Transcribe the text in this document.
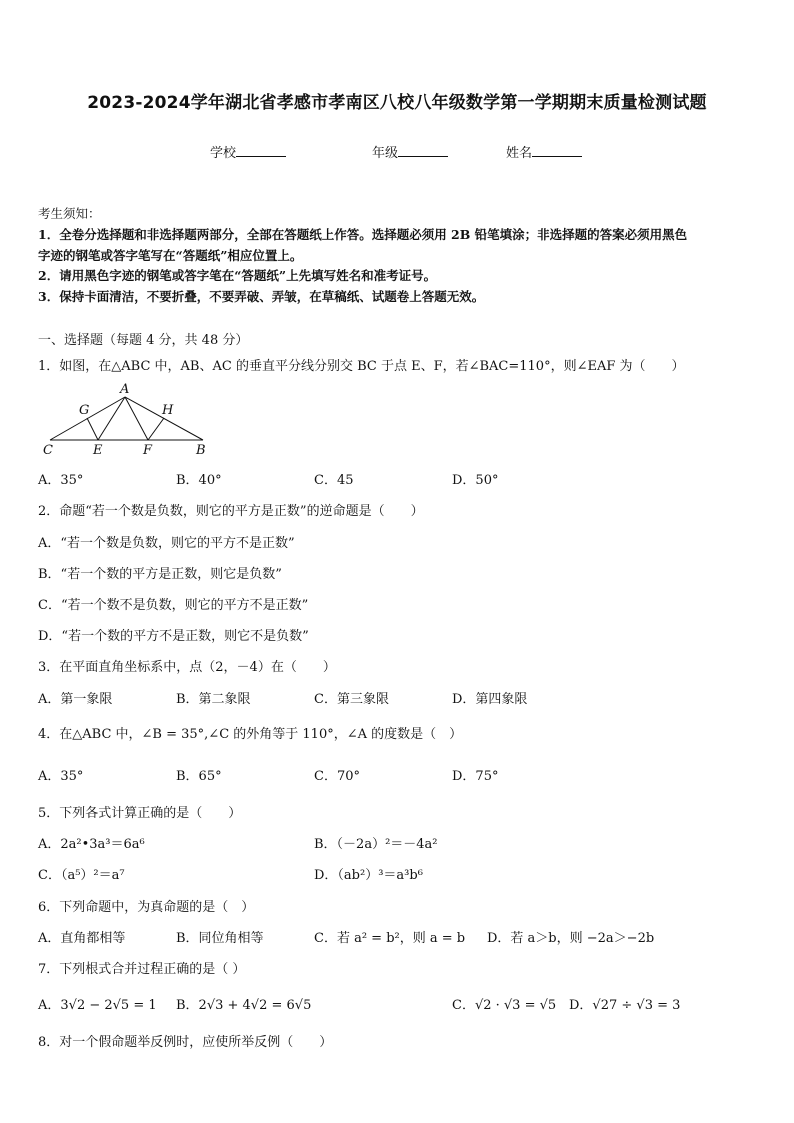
2023-2024学年湖北省孝感市孝南区八校八年级数学第一学期期末质量检测试题
学校	年级	姓名
考生须知：
1．全卷分选择题和非选择题两部分，全部在答题纸上作答。选择题必须用 2B 铅笔填涂；非选择题的答案必须用黑色
字迹的钢笔或答字笔写在“答题纸”相应位置上。
2．请用黑色字迹的钢笔或答字笔在“答题纸”上先填写姓名和准考证号。
3．保持卡面清洁，不要折叠，不要弄破、弄皱，在草稿纸、试题卷上答题无效。
一、选择题（每题 4 分，共 48 分）
1．如图，在△ABC 中，AB、AC 的垂直平分线分别交 BC 于点 E、F，若∠BAC=110°，则∠EAF 为（　　）
A
G	H
C	E	F	B
A．35°	B．40°	C．45	D．50°
2．命题“若一个数是负数，则它的平方是正数”的逆命题是（　　）
A．“若一个数是负数，则它的平方不是正数”
B．“若一个数的平方是正数，则它是负数”
C．“若一个数不是负数，则它的平方不是正数”
D．“若一个数的平方不是正数，则它不是负数”
3．在平面直角坐标系中，点（2，－4）在（　　）
A．第一象限	B．第二象限	C．第三象限	D．第四象限
4．在△ABC 中，∠B = 35°,∠C 的外角等于 110°，∠A 的度数是（　）
A．35°	B．65°	C．70°	D．75°
5．下列各式计算正确的是（　　）
A．2a²•3a³＝6a⁶	B．（－2a）²＝－4a²
C．（a⁵）²＝a⁷	D．（ab²）³＝a³b⁶
6．下列命题中，为真命题的是（　）
A．直角都相等	B．同位角相等	C．若 a² = b²，则 a = b D．若 a＞b，则 −2a＞−2b
7．下列根式合并过程正确的是（ ）
A．3√2 − 2√5 = 1 B．2√3 + 4√2 = 6√5	C．√2 · √3 = √5 D．√27 ÷ √3 = 3
8．对一个假命题举反例时，应使所举反例（　　）
